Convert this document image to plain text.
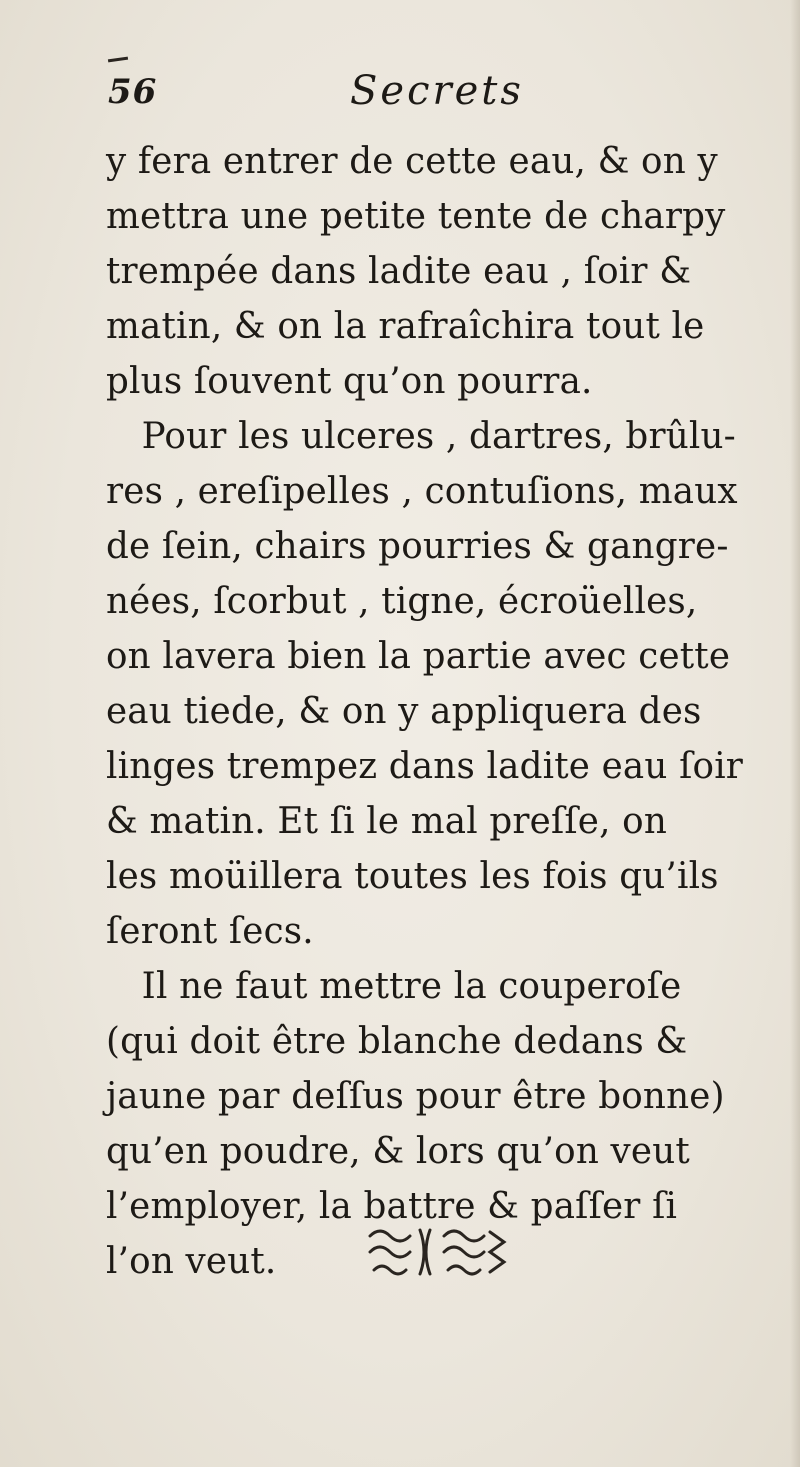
56	Secrets
y fera entrer de cette eau, & on y
mettra une petite tente de charpy
trempée dans ladite eau , ſoir &
matin, & on la rafraîchira tout le
plus ſouvent qu’on pourra.
Pour les ulceres , dartres, brûlu-
res , ereſipelles , contuſions, maux
de ſein, chairs pourries & gangre-
nées, ſcorbut , tigne, écroüelles,
on lavera bien la partie avec cette
eau tiede, & on y appliquera des
linges trempez dans ladite eau ſoir
& matin. Et ſi le mal preſſe, on
les moüillera toutes les fois qu’ils
ſeront ſecs.
Il ne faut mettre la couperoſe
(qui doit être blanche dedans &
jaune par deſſus pour être bonne)
qu’en poudre, & lors qu’on veut
l’employer, la battre & paſſer ſi
l’on veut.
